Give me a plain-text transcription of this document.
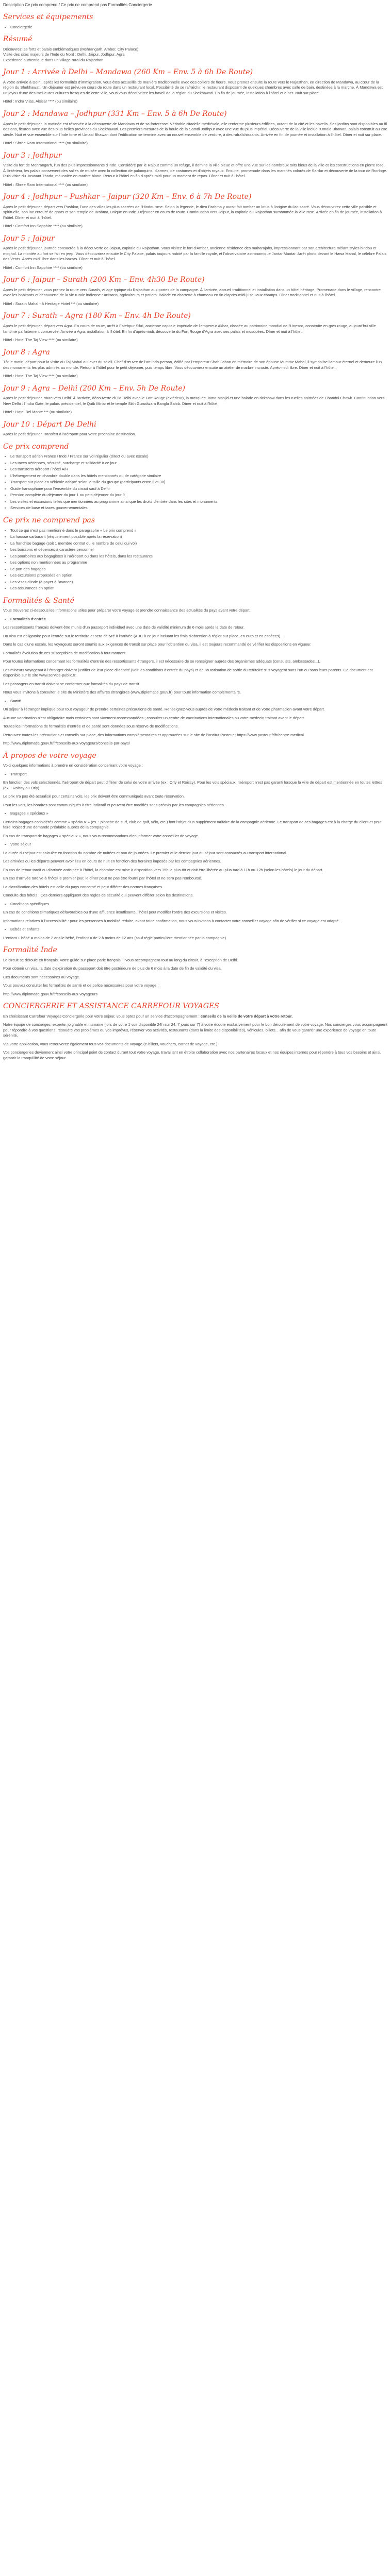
Description Ce prix comprend / Ce prix ne comprend pas Formalités Conciergerie
Services et équipements
• Conciergerie
Résumé
Découvrez les forts et palais emblématiques (Mehrangarh, Amber, City Palace)
Visite des sites majeurs de l'Inde du Nord : Delhi, Jaipur, Jodhpur, Agra
Expérience authentique dans un village rural du Rajasthan
Jour 1 : Arrivée à Delhi – Mandawa (260 Km – Env. 5 à 6h De Route)

À votre arrivée à Delhi, après les formalités d'immigration, vous êtes accueillis de manière traditionnelle avec des colliers de fleurs. Vous prenez ensuite la route vers le Rajasthan, en direction de Mandawa, au cœur de la région du Shekhawati. Un déjeuner est prévu en cours de route dans un restaurant local. Possibilité de se rafraîchir, le restaurant disposant de quelques chambres avec salle de bain, destinées à la marche. À Mandawa est un joyau d'une des meilleures cultures fresques de cette ville, vous vous découvrirez les haveli de la région du Shekhawati. En fin de journée, installation à l'hôtel et dîner. Nuit sur place.

Hôtel : Indra Vilas, Alsisar **** (ou similaire)

Jour 2 : Mandawa – Jodhpur (331 Km – Env. 5 à 6h De Route)

Après le petit déjeuner, la matinée est réservée à la découverte de Mandawa et de sa forteresse. Véritable citadelle médiévale, elle renferme plusieurs édifices, autant de la cité et les havelis. Ses jardins sont disponibles au fil des ans, fleuron avec vue des plus belles provinces du Shekhawati. Les premiers mesures de la houle de la Samdi Jodhpur avec une vue du plus impérial. Découverte de la ville inclue l'Umaid Bhawan, palais construit au 20e siècle. Nuit et vue ensemble sur l'Inde forte et Umaid Bhawan dont l'édification se termine avec un nouvel ensemble de verdure, à des rafraîchissants. Arrivée en fin de journée et installation à l'hôtel. Dîner et nuit sur place.

Hôtel : Shree Ram International **** (ou similaire)

Jour 3 : Jodhpur

Visite du fort de Mehrangarh, l'un des plus impressionnants d'Inde. Considéré par le Rajput comme un refuge, il domine la ville bleue et offre une vue sur les nombreux toits bleus de la ville et les constructions en pierre rose. À l'intérieur, les palais conservent des salles de musée avec la collection de palanquins, d'armes, de costumes et d'objets royaux. Ensuite, promenade dans les marchés colorés de Sardar et découverte de la tour de l'horloge. Puis visite du Jaswant Thada, mausolée en marbre blanc. Retour à l'hôtel en fin d'après-midi pour un moment de repos. Dîner et nuit à l'hôtel.

Hôtel : Shree Ram International **** (ou similaire)

Jour 4 : Jodhpur – Pushkar – Jaipur (320 Km – Env. 6 à 7h De Route)

Après le petit déjeuner, départ vers Pushkar, l'une des villes les plus sacrées de l'Hindouisme. Selon la légende, le dieu Brahma y aurait fait tomber un lotus à l'origine du lac sacré. Vous découvrirez cette ville paisible et spirituelle, son lac entouré de ghats et son temple de Brahma, unique en Inde. Déjeuner en cours de route. Continuation vers Jaipur, la capitale du Rajasthan surnommée la ville rose. Arrivée en fin de journée, installation à l'hôtel. Dîner et nuit à l'hôtel.

Hôtel : Comfort Inn Sapphire **** (ou similaire)

Jour 5 : Jaipur

Après le petit déjeuner, journée consacrée à la découverte de Jaipur, capitale du Rajasthan. Vous visitez le fort d'Amber, ancienne résidence des maharajahs, impressionnant par son architecture mêlant styles hindou et moghol. La montée au fort se fait en jeep. Vous découvrirez ensuite le City Palace, palais toujours habité par la famille royale, et l'observatoire astronomique Jantar Mantar. Arrêt photo devant le Hawa Mahal, le célèbre Palais des Vents. Après-midi libre dans les bazars. Dîner et nuit à l'hôtel.

Hôtel : Comfort Inn Sapphire **** (ou similaire)

Jour 6 : Jaipur – Surath (200 Km – Env. 4h30 De Route)

Après le petit déjeuner, vous prenez la route vers Surath, village typique du Rajasthan aux portes de la campagne. À l'arrivée, accueil traditionnel et installation dans un hôtel héritage. Promenade dans le village, rencontre avec les habitants et découverte de la vie rurale indienne : artisans, agriculteurs et potiers. Balade en charrette à chameau en fin d'après-midi jusqu'aux champs. Dîner traditionnel et nuit à l'hôtel.

Hôtel : Surath Mahal - A Heritage Hotel *** (ou similaire)

Jour 7 : Surath – Agra (180 Km – Env. 4h De Route)

Après le petit déjeuner, départ vers Agra. En cours de route, arrêt à Fatehpur Sikri, ancienne capitale impériale de l'empereur Akbar, classée au patrimoine mondial de l'Unesco, construite en grès rouge, aujourd'hui ville fantôme parfaitement conservée. Arrivée à Agra, installation à l'hôtel. En fin d'après-midi, découverte du Fort Rouge d'Agra avec ses palais et mosquées. Dîner et nuit à l'hôtel.

Hôtel : Hotel The Taj View **** (ou similaire)

Jour 8 : Agra

Tôt le matin, départ pour la visite du Taj Mahal au lever du soleil. Chef-d'œuvre de l'art indo-persan, édifié par l'empereur Shah Jahan en mémoire de son épouse Mumtaz Mahal, il symbolise l'amour éternel et demeure l'un des monuments les plus admirés au monde. Retour à l'hôtel pour le petit déjeuner, puis temps libre. Vous découvrirez ensuite un atelier de marbre incrusté. Après-midi libre. Dîner et nuit à l'hôtel.

Hôtel : Hotel The Taj View **** (ou similaire)

Jour 9 : Agra – Delhi (200 Km – Env. 5h De Route)

Après le petit déjeuner, route vers Delhi. À l'arrivée, découverte d'Old Delhi avec le Fort Rouge (extérieur), la mosquée Jama Masjid et une balade en rickshaw dans les ruelles animées de Chandni Chowk. Continuation vers New Delhi : l'India Gate, le palais présidentiel, le Qutb Minar et le temple Sikh Gurudwara Bangla Sahib. Dîner et nuit à l'hôtel.

Hôtel : Hotel Bel Monte *** (ou similaire)

Jour 10 : Départ De Delhi

Après le petit déjeuner Transfert à l'aéroport pour votre prochaine destination.

Ce prix comprend
• Le transport aérien France / Inde / France sur vol régulier (direct ou avec escale)
• Les taxes aériennes, sécurité, surcharge et solidarité à ce jour
• Les transferts aéroport / hôtel A/R
• L'hébergement en chambre double dans les hôtels mentionnés ou de catégorie similaire
• Transport sur place en véhicule adapté selon la taille du groupe (participants entre 2 et 30)
• Guide francophone pour l'ensemble du circuit sauf à Delhi
• Pension complète du déjeuner du jour 1 au petit déjeuner du jour 9
• Les visites et excursions telles que mentionnées au programme ainsi que les droits d'entrée dans les sites et monuments
• Services de base et taxes gouvernementales
Ce prix ne comprend pas
• Tout ce qui n'est pas mentionné dans le paragraphe « Le prix comprend »
• La hausse carburant (réajustement possible après la réservation)
• La franchise bagage (soit 1 membre contrat ou le nombre de celui qui vol)
• Les boissons et dépenses à caractère personnel
• Les pourboires aux bagagistes à l'aéroport ou dans les hôtels, dans les restaurants
• Les options non mentionnées au programme
• Le port des bagages
• Les excursions proposées en option
• Les visas d'Inde (à payer à l'avance)
• Les assurances en option
Formalités & Santé

Vous trouverez ci-dessous les informations utiles pour préparer votre voyage et prendre connaissance des actualités du pays avant votre départ.

• Formalités d'entrée

Les ressortissants français doivent être munis d'un passeport individuel avec une date de validité minimum de 6 mois après la date de retour.

Un visa est obligatoire pour l'entrée sur le territoire et sera délivré à l'arrivée (ABC à ce jour incluant les frais d'obtention à régler sur place, en euro et en espèces).

Dans le cas d'une escale, les voyageurs seront soumis aux exigences de transit sur place pour l'obtention du visa, il est toujours recommandé de vérifier les dispositions en vigueur.

Formalités évolution de ces susceptibles de modification à tout moment.

Pour toutes informations concernant les formalités d'entrée des ressortissants étrangers, il est nécessaire de se renseigner auprès des organismes adéquats (consulats, ambassades...).

Les mineurs voyageant à l'étranger doivent justifier de leur pièce d'identité (voir les conditions d'entrée du pays) et de l'autorisation de sortie du territoire s'ils voyagent sans l'un ou sans leurs parents. Ce document est disponible sur le site www.service-public.fr.

Les passagers en transit doivent se conformer aux formalités du pays de transit.

Nous vous invitons à consulter le site du Ministère des affaires étrangères (www.diplomatie.gouv.fr) pour toute information complémentaire.

• Santé

Un séjour à l'étranger implique pour tout voyageur de prendre certaines précautions de santé. Renseignez-vous auprès de votre médecin traitant et de votre pharmacien avant votre départ.

Aucune vaccination n'est obligatoire mais certaines sont vivement recommandées ; consulter un centre de vaccinations internationales ou votre médecin traitant avant le départ.

Toutes les informations de formalités d'entrée et de santé sont données sous réserve de modifications.

Retrouvez toutes les précautions et conseils sur place, des informations complémentaires et approuvées sur le site de l'Institut Pasteur : https://www.pasteur.fr/fr/centre-medical

http://www.diplomatie.gouv.fr/fr/conseils-aux-voyageurs/conseils-par-pays/

À propos de votre voyage

Voici quelques informations à prendre en considération concernant votre voyage :

• Transport

En fonction des vols sélectionnés, l'aéroport de départ peut différer de celui de votre arrivée (ex : Orly et Roissy). Pour les vols spéciaux, l'aéroport n'est pas garanti lorsque la ville de départ est mentionnée en toutes lettres (ex. : Roissy ou Orly).

Le prix n'a pas été actualisé pour certains vols, les prix doivent être communiqués avant toute réservation.

Pour les vols, les horaires sont communiqués à titre indicatif et peuvent être modifiés sans préavis par les compagnies aériennes.

• Bagages « spéciaux »

Certains bagages considérés comme « spéciaux » (ex. : planche de surf, club de golf, vélo, etc.) font l'objet d'un supplément tarifaire de la compagnie aérienne. Le transport de ces bagages est à la charge du client et peut faire l'objet d'une demande préalable auprès de la compagnie.

En cas de transport de bagages « spéciaux », nous vous recommandons d'en informer votre conseiller de voyage.

• Votre séjour

La durée du séjour est calculée en fonction du nombre de nuitées et non de journées. Le premier et le dernier jour du séjour sont consacrés au transport international.

Les arrivées ou les départs peuvent avoir lieu en cours de nuit en fonction des horaires imposés par les compagnies aériennes.

En cas de retour tardif ou d'arrivée anticipée à l'hôtel, la chambre est mise à disposition vers 15h le plus tôt et doit être libérée au plus tard à 11h ou 12h (selon les hôtels) le jour du départ.

En cas d'arrivée tardive à l'hôtel le premier jour, le dîner peut ne pas être fourni par l'hôtel et ne sera pas remboursé.

La classification des hôtels est celle du pays concerné et peut différer des normes françaises.

Conduite des hôtels : Ces derniers appliquent des règles de sécurité qui peuvent différer selon les destinations.

• Conditions spécifiques

En cas de conditions climatiques défavorables ou d'une affluence insuffisante, l'hôtel peut modifier l'ordre des excursions et visites.

Informations relatives à l'accessibilité : pour les personnes à mobilité réduite, avant toute confirmation, nous vous invitons à contacter votre conseiller voyage afin de vérifier si ce voyage est adapté.

• Bébés et enfants

L'enfant + bébé = moins de 2 ans le bébé, l'enfant = de 2 à moins de 12 ans (sauf règle particulière mentionnée par la compagnie).

Formalité Inde

Le circuit se déroule en français. Votre guide sur place parle français, il vous accompagnera tout au long du circuit, à l'exception de Delhi.

Pour obtenir un visa, la date d'expiration du passeport doit être postérieure de plus de 6 mois à la date de fin de validité du visa.

Ces documents sont nécessaires au voyage.

Vous pouvez consulter les formalités de santé et de police nécessaires pour votre voyage :

http://www.diplomatie.gouv.fr/fr/conseils-aux-voyageurs

CONCIERGERIE ET ASSISTANCE CARREFOUR VOYAGES

En choisissant Carrefour Voyages Conciergerie pour votre séjour, vous optez pour un service d'accompagnement : conseils de la veille de votre départ à votre retour.

Notre équipe de concierges, experte, joignable et humaine (lors de votre 1 voir disponible 24h sur 24, 7 jours sur 7) à votre écoute exclusivement pour le bon déroulement de votre voyage. Nos concierges vous accompagnent pour répondre à vos questions, résoudre vos problèmes ou vos imprévus, réserver vos activités, restaurants (dans la limite des disponibilités), véhicules, billets... afin de vous garantir une expérience de voyage en toute sérénité.

Via votre application, vous retrouverez également tous vos documents de voyage (e-billets, vouchers, carnet de voyage, etc.).

Vos conciergeries deviennent ainsi votre principal point de contact durant tout votre voyage, travaillant en étroite collaboration avec nos partenaires locaux et nos équipes internes pour répondre à tous vos besoins et ainsi, garantir la tranquillité de votre séjour.
